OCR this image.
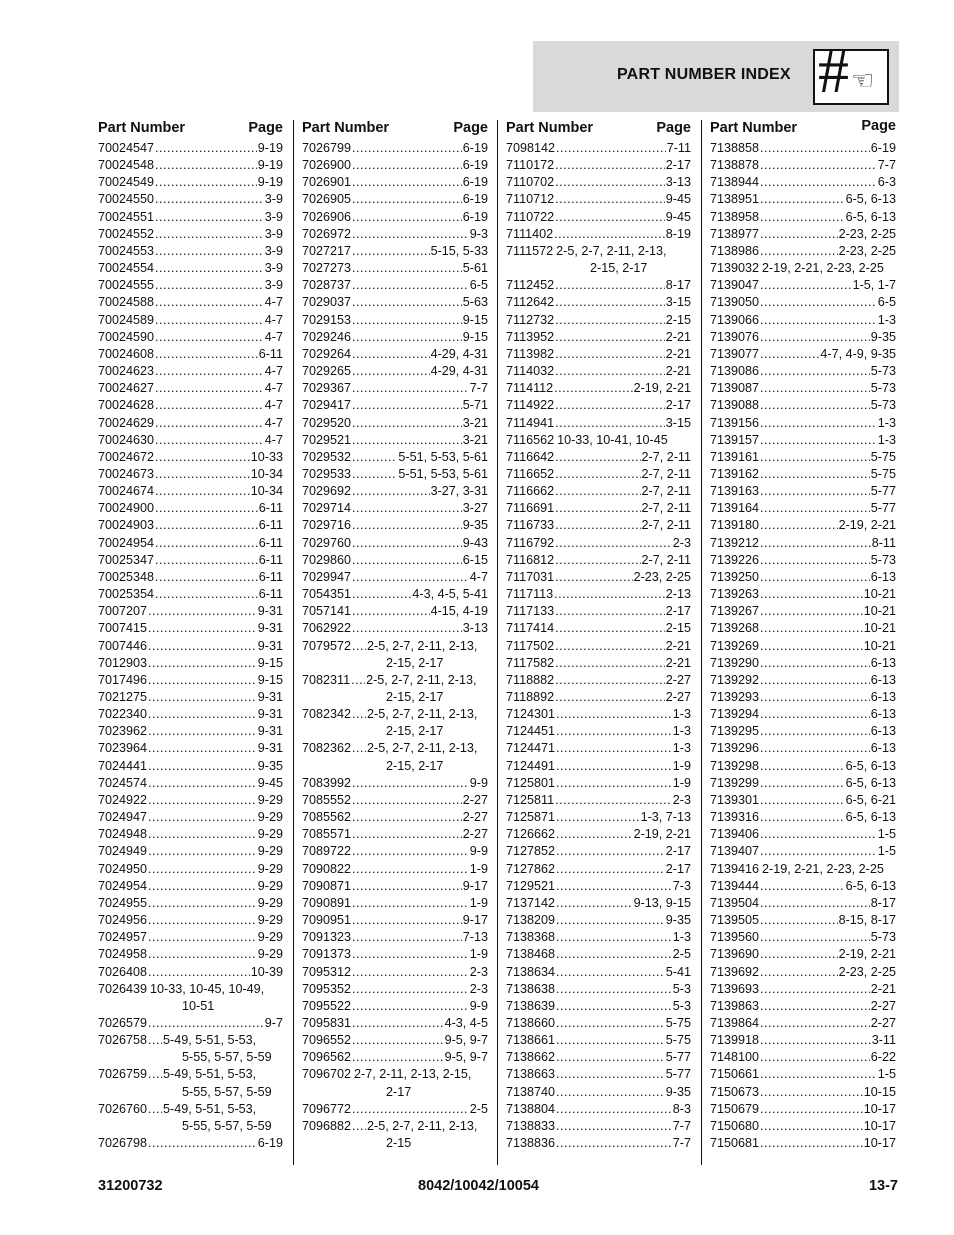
PART NUMBER INDEX # ☜
Part Number	Page
70024547 .....	9-19
70024548 .....	9-19
70024549 .....	9-19
70024550 .....	3-9
70024551 .....	3-9
70024552 .....	3-9
70024553 .....	3-9
70024554 .....	3-9
70024555 .....	3-9
70024588 .....	4-7
70024589 .....	4-7
70024590 .....	4-7
70024608 .....	6-11
70024623 .....	4-7
70024627 .....	4-7
70024628 .....	4-7
70024629 .....	4-7
70024630 .....	4-7
70024672 .....	10-33
70024673 .....	10-34
70024674 .....	10-34
70024900 .....	6-11
70024903 .....	6-11
70024954 .....	6-11
70025347 .....	6-11
70025348 .....	6-11
70025354 .....	6-11
7007207 .....	9-31
7007415 .....	9-31
7007446 .....	9-31
7012903 .....	9-15
7017496 .....	9-15
7021275 .....	9-31
7022340 .....	9-31
7023962 .....	9-31
7023964 .....	9-31
7024441 .....	9-35
7024574 .....	9-45
7024922 .....	9-29
7024947 .....	9-29
7024948 .....	9-29
7024949 .....	9-29
7024950 .....	9-29
7024954 .....	9-29
7024955 .....	9-29
7024956 .....	9-29
7024957 .....	9-29
7024958 .....	9-29
7026408 .....	10-39
7026439 10-33, 10-45, 10-49,
10-51
7026579 .....	9-7
7026758 ..... 5-49, 5-51, 5-53,
5-55, 5-57, 5-59
7026759 ..... 5-49, 5-51, 5-53,
5-55, 5-57, 5-59
7026760 ..... 5-49, 5-51, 5-53,
5-55, 5-57, 5-59
7026798 .....	6-19
Part Number	Page
7026799 .....	6-19
7026900 .....	6-19
7026901 .....	6-19
7026905 .....	6-19
7026906 .....	6-19
7026972 .....	9-3
7027217 .....	5-15, 5-33
7027273 .....	5-61
7028737 .....	6-5
7029037 .....	5-63
7029153 .....	9-15
7029246 .....	9-15
7029264 .....	4-29, 4-31
7029265 .....	4-29, 4-31
7029367 .....	7-7
7029417 .....	5-71
7029520 .....	3-21
7029521 .....	3-21
7029532 .....	5-51, 5-53, 5-61
7029533 .....	5-51, 5-53, 5-61
7029692 .....	3-27, 3-31
7029714 .....	3-27
7029716 .....	9-35
7029760 .....	9-43
7029860 .....	6-15
7029947 .....	4-7
7054351 .....	4-3, 4-5, 5-41
7057141 .....	4-15, 4-19
7062922 .....	3-13
7079572 ..... 2-5, 2-7, 2-11, 2-13,
2-15, 2-17
7082311 ..... 2-5, 2-7, 2-11, 2-13,
2-15, 2-17
7082342 ..... 2-5, 2-7, 2-11, 2-13,
2-15, 2-17
7082362 ..... 2-5, 2-7, 2-11, 2-13,
2-15, 2-17
7083992 .....	9-9
7085552 .....	2-27
7085562 .....	2-27
7085571 .....	2-27
7089722 .....	9-9
7090822 .....	1-9
7090871 .....	9-17
7090891 .....	1-9
7090951 .....	9-17
7091323 .....	7-13
7091373 .....	1-9
7095312 .....	2-3
7095352 .....	2-3
7095522 .....	9-9
7095831 .....	4-3, 4-5
7096552 .....	9-5, 9-7
7096562 .....	9-5, 9-7
7096702 2-7, 2-11, 2-13, 2-15,
2-17
7096772 .....	2-5
7096882 ..... 2-5, 2-7, 2-11, 2-13,
2-15
Part Number	Page
7098142 .....	7-11
7110172 .....	2-17
7110702 .....	3-13
7110712 .....	9-45
7110722 .....	9-45
7111402 .....	8-19
7111572 2-5, 2-7, 2-11, 2-13,
2-15, 2-17
7112452 .....	8-17
7112642 .....	3-15
7112732 .....	2-15
7113952 .....	2-21
7113982 .....	2-21
7114032 .....	2-21
7114112 .....	2-19, 2-21
7114922 .....	2-17
7114941 .....	3-15
7116562 10-33, 10-41, 10-45
7116642 .....	2-7, 2-11
7116652 .....	2-7, 2-11
7116662 .....	2-7, 2-11
7116691 .....	2-7, 2-11
7116733 .....	2-7, 2-11
7116792 .....	2-3
7116812 .....	2-7, 2-11
7117031 .....	2-23, 2-25
7117113 .....	2-13
7117133 .....	2-17
7117414 .....	2-15
7117502 .....	2-21
7117582 .....	2-21
7118882 .....	2-27
7118892 .....	2-27
7124301 .....	1-3
7124451 .....	1-3
7124471 .....	1-3
7124491 .....	1-9
7125801 .....	1-9
7125811 .....	2-3
7125871 .....	1-3, 7-13
7126662 .....	2-19, 2-21
7127852 .....	2-17
7127862 .....	2-17
7129521 .....	7-3
7137142 .....	9-13, 9-15
7138209 .....	9-35
7138368 .....	1-3
7138468 .....	2-5
7138634 .....	5-41
7138638 .....	5-3
7138639 .....	5-3
7138660 .....	5-75
7138661 .....	5-75
7138662 .....	5-77
7138663 .....	5-77
7138740 .....	9-35
7138804 .....	8-3
7138833 .....	7-7
7138836 .....	7-7
Part Number	Page
7138858 .....	6-19
7138878 .....	7-7
7138944 .....	6-3
7138951 .....	6-5, 6-13
7138958 .....	6-5, 6-13
7138977 .....	2-23, 2-25
7138986 .....	2-23, 2-25
7139032 2-19, 2-21, 2-23, 2-25
7139047 .....	1-5, 1-7
7139050 .....	6-5
7139066 .....	1-3
7139076 .....	9-35
7139077 .....	4-7, 4-9, 9-35
7139086 .....	5-73
7139087 .....	5-73
7139088 .....	5-73
7139156 .....	1-3
7139157 .....	1-3
7139161 .....	5-75
7139162 .....	5-75
7139163 .....	5-77
7139164 .....	5-77
7139180 .....	2-19, 2-21
7139212 .....	8-11
7139226 .....	5-73
7139250 .....	6-13
7139263 .....	10-21
7139267 .....	10-21
7139268 .....	10-21
7139269 .....	10-21
7139290 .....	6-13
7139292 .....	6-13
7139293 .....	6-13
7139294 .....	6-13
7139295 .....	6-13
7139296 .....	6-13
7139298 .....	6-5, 6-13
7139299 .....	6-5, 6-13
7139301 .....	6-5, 6-21
7139316 .....	6-5, 6-13
7139406 .....	1-5
7139407 .....	1-5
7139416 2-19, 2-21, 2-23, 2-25
7139444 .....	6-5, 6-13
7139504 .....	8-17
7139505 .....	8-15, 8-17
7139560 .....	5-73
7139690 .....	2-19, 2-21
7139692 .....	2-23, 2-25
7139693 .....	2-21
7139863 .....	2-27
7139864 .....	2-27
7139918 .....	3-11
7148100 .....	6-22
7150661 .....	1-5
7150673 .....	10-15
7150679 .....	10-17
7150680 .....	10-17
7150681 .....	10-17
31200732	8042/10042/10054	13-7
